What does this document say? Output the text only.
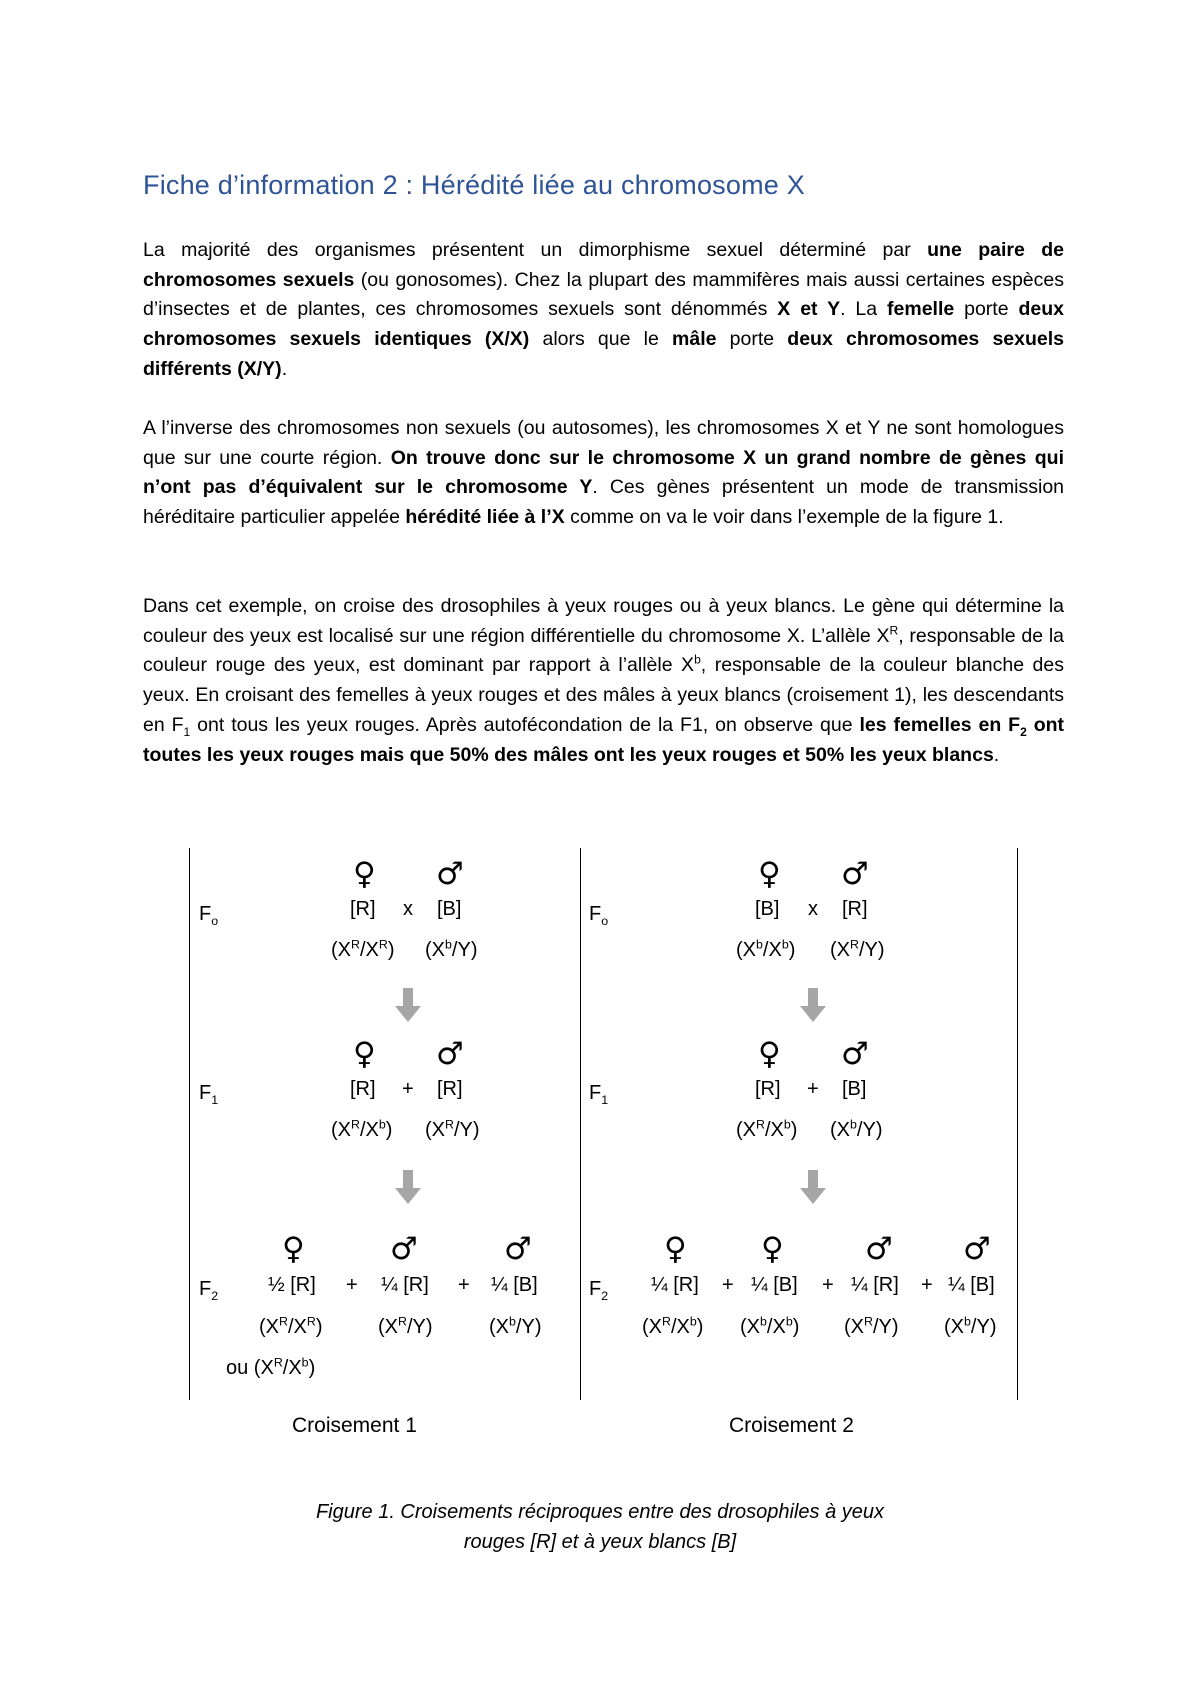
Fiche d’information 2 : Hérédité liée au chromosome X

La majorité des organismes présentent un dimorphisme sexuel déterminé par une paire de chromosomes sexuels (ou gonosomes). Chez la plupart des mammifères mais aussi certaines espèces d’insectes et de plantes, ces chromosomes sexuels sont dénommés X et Y. La femelle porte deux chromosomes sexuels identiques (X/X) alors que le mâle porte deux chromosomes sexuels différents (X/Y).

A l’inverse des chromosomes non sexuels (ou autosomes), les chromosomes X et Y ne sont homologues que sur une courte région. On trouve donc sur le chromosome X un grand nombre de gènes qui n’ont pas d’équivalent sur le chromosome Y. Ces gènes présentent un mode de transmission héréditaire particulier appelée hérédité liée à l’X comme on va le voir dans l’exemple de la figure 1.

Dans cet exemple, on croise des drosophiles à yeux rouges ou à yeux blancs. Le gène qui détermine la couleur des yeux est localisé sur une région différentielle du chromosome X. L’allèle $X^R$, responsable de la couleur rouge des yeux, est dominant par rapport à l’allèle $X^b$, responsable de la couleur blanche des yeux. En croisant des femelles à yeux rouges et des mâles à yeux blancs (croisement 1), les descendants en $F_1$ ont tous les yeux rouges. Après autofécondation de la F1, on observe que les femelles en $F_2$ ont toutes les yeux rouges mais que 50% des mâles ont les yeux rouges et 50% les yeux blancs.

$F_o$
♀ ♂
[R] x [B]
$(X^R/X^R)$ $(X^b/Y)$
$F_1$
♀ ♂
[R] + [R]
$(X^R/X^b)$ $(X^R/Y)$
$F_2$
♀	♂	♂
½ [R] + ¼ [R] + ¼ [B]
$(X^R/X^R)$	$(X^R/Y)$	$(X^b/Y)$
ou $(X^R/X^b)$
Croisement 1
$F_o$
♀ ♂
[B] x [R]
$(X^b/X^b)$ $(X^R/Y)$
$F_1$
♀ ♂
[R] + [B]
$(X^R/X^b)$ $(X^b/Y)$
$F_2$
♀ ♀	♂ ♂
¼ [R] + ¼ [B] + ¼ [R] + ¼ [B]
$(X^R/X^b)$ $(X^b/X^b)$ $(X^R/Y)$ $(X^b/Y)$
Croisement 2
Figure 1. Croisements réciproques entre des drosophiles à yeux
rouges [R] et à yeux blancs [B]
